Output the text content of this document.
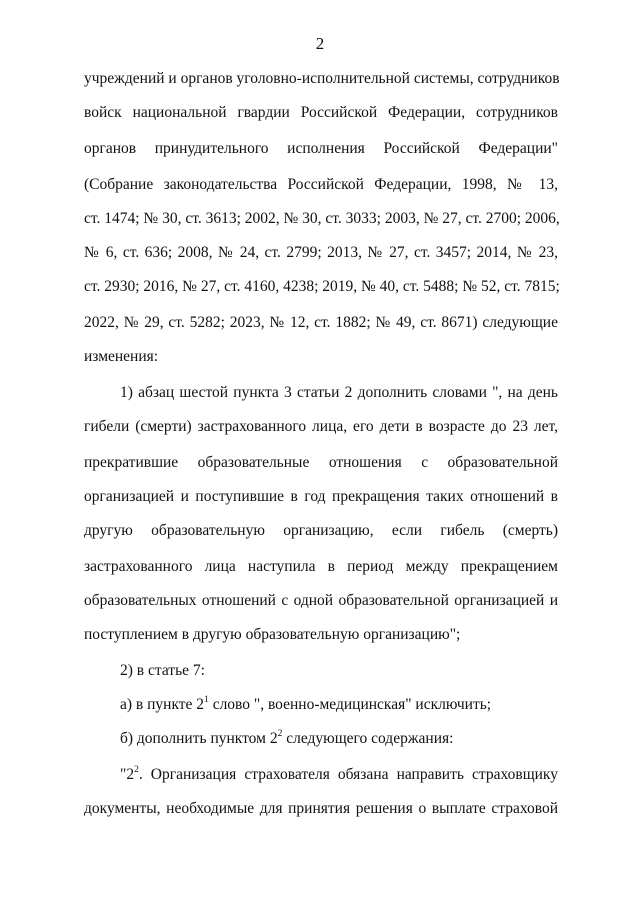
2
учреждений и органов уголовно-исполнительной системы, сотрудников
войск национальной гвардии Российской Федерации, сотрудников
органов принудительного исполнения Российской Федерации"
(Собрание законодательства Российской Федерации, 1998, № 13,
ст. 1474; № 30, ст. 3613; 2002, № 30, ст. 3033; 2003, № 27, ст. 2700; 2006,
№ 6, ст. 636; 2008, № 24, ст. 2799; 2013, № 27, ст. 3457; 2014, № 23,
ст. 2930; 2016, № 27, ст. 4160, 4238; 2019, № 40, ст. 5488; № 52, ст. 7815;
2022, № 29, ст. 5282; 2023, № 12, ст. 1882; № 49, ст. 8671) следующие
изменения:
1) абзац шестой пункта 3 статьи 2 дополнить словами ", на день
гибели (смерти) застрахованного лица, его дети в возрасте до 23 лет,
прекратившие образовательные отношения с образовательной
организацией и поступившие в год прекращения таких отношений в
другую образовательную организацию, если гибель (смерть)
застрахованного лица наступила в период между прекращением
образовательных отношений с одной образовательной организацией и
поступлением в другую образовательную организацию";
2) в статье 7:
а) в пункте $2^1$ слово ", военно-медицинская" исключить;
б) дополнить пунктом $2^2$ следующего содержания:
"$2^2$. Организация страхователя обязана направить страховщику
документы, необходимые для принятия решения о выплате страховой
